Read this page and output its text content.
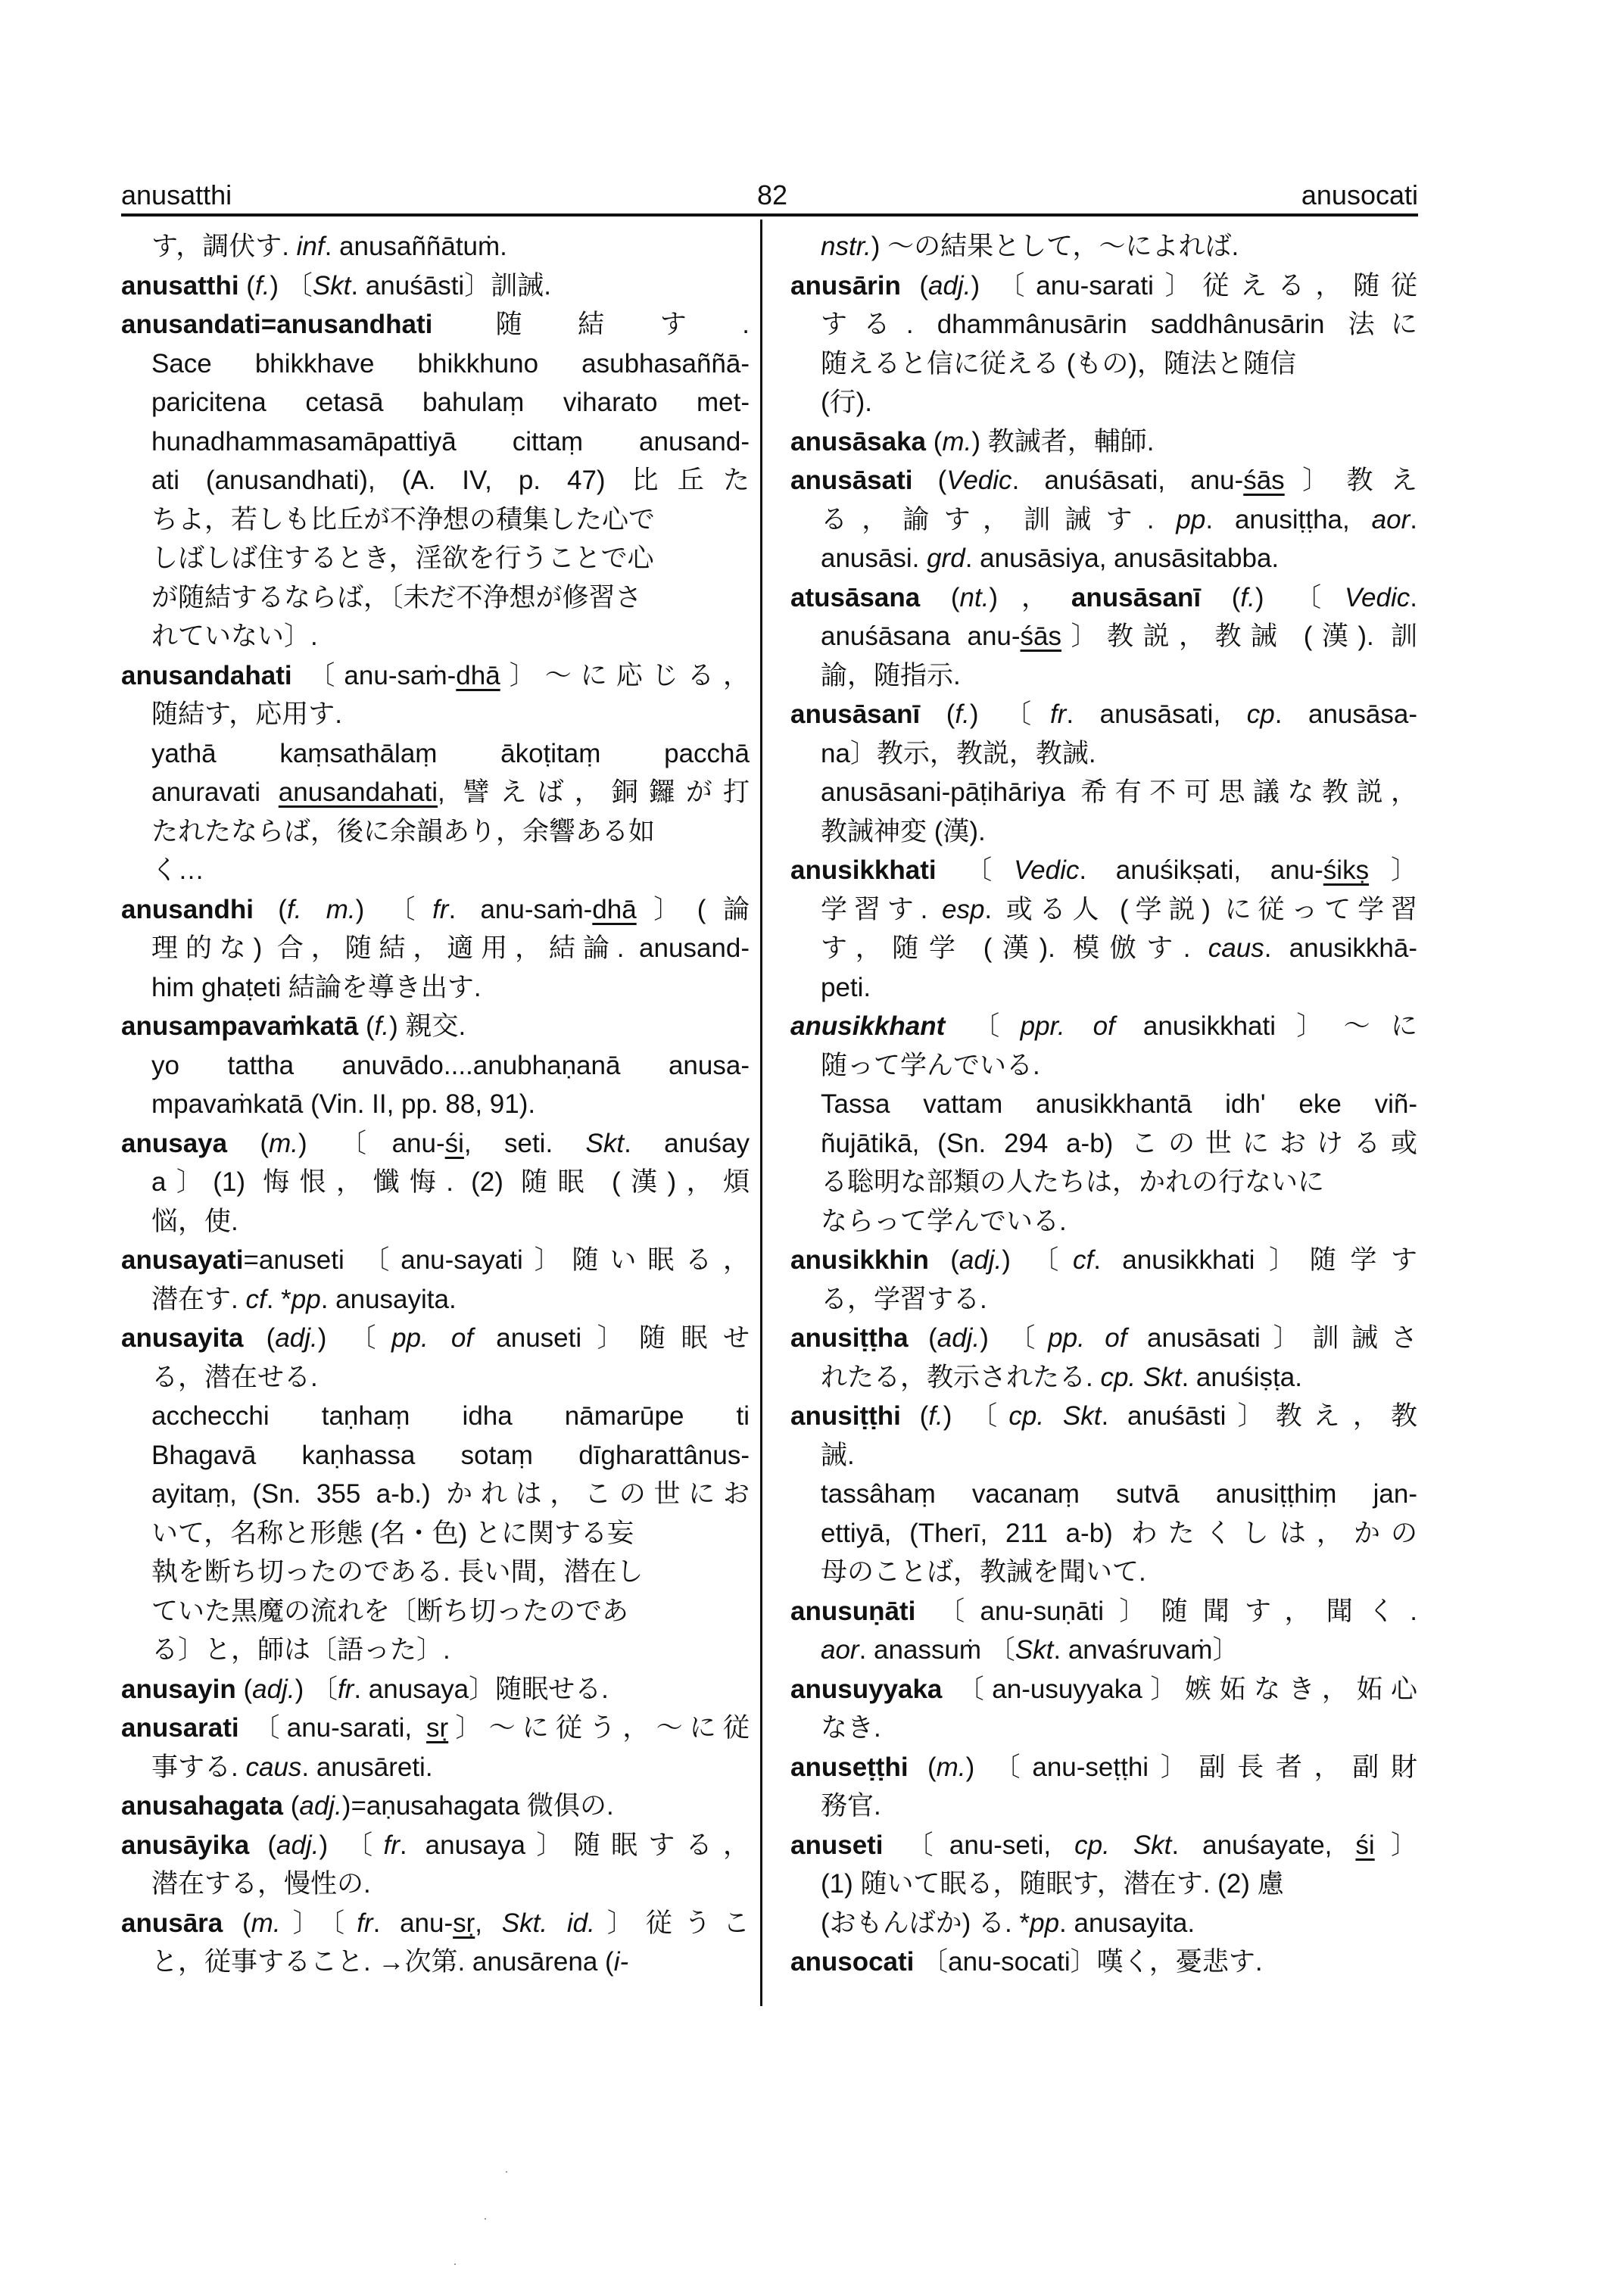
anusatthi	82	anusocati
す，調伏す. inf. anusaññātuṁ.
anusatthi (f.) 〔Skt. anuśāsti〕訓誡.
anusandati=anusandhati 随結す.
Sace bhikkhave bhikkhuno asubhasaññā-
paricitena cetasā bahulaṃ viharato met-
hunadhammasamāpattiyā cittaṃ anusand-
ati (anusandhati), (A. IV, p. 47) 比丘た
ちよ，若しも比丘が不浄想の積集した心で
しばしば住するとき，淫欲を行うことで心
が随結するならば，〔未だ不浄想が修習さ
れていない〕.
anusandahati 〔anu-saṁ-dhā〕～に応じる，
随結す，応用す.
yathā kaṃsathālaṃ ākoṭitaṃ pacchā
anuravati anusandahati, 譬えば，銅鑼が打
たれたならば，後に余韻あり，余響ある如
く…
anusandhi (f. m.) 〔fr. anu-saṁ-dhā〕(論
理的な) 合，随結，適用，結論. anusand-
him ghaṭeti 結論を導き出す.
anusampavaṁkatā (f.) 親交.
yo tattha anuvādo....anubhaṇanā anusa-
mpavaṁkatā (Vin. II, pp. 88, 91).
anusaya (m.) 〔anu-śi, seti. Skt. anuśay
a〕(1) 悔恨，懺悔. (2) 随眠 (漢)，煩
悩，使.
anusayati=anuseti 〔anu-sayati〕随い眠る，
潜在す. cf. *pp. anusayita.
anusayita (adj.) 〔pp. of anuseti〕随眠せ
る，潜在せる.
acchecchi taṇhaṃ idha nāmarūpe ti
Bhagavā kaṇhassa sotaṃ dīgharattânus-
ayitaṃ, (Sn. 355 a-b.) かれは，この世にお
いて，名称と形態 (名・色) とに関する妄
執を断ち切ったのである. 長い間，潜在し
ていた黒魔の流れを〔断ち切ったのであ
る〕と，師は〔語った〕.
anusayin (adj.) 〔fr. anusaya〕随眠せる.
anusarati 〔anu-sarati, sṛ〕～に従う，～に従
事する. caus. anusāreti.
anusahagata (adj.)=aṇusahagata 微俱の.
anusāyika (adj.) 〔fr. anusaya〕随眠する，
潜在する，慢性の.
anusāra (m.〕〔fr. anu-sṛ, Skt. id.〕従うこ
と，従事すること. →次第. anusārena (i-
nstr.) ～の結果として，～によれば.
anusārin (adj.) 〔anu-sarati〕従える，随従
する. dhammânusārin saddhânusārin 法に
随えると信に従える (もの)，随法と随信
(行).
anusāsaka (m.) 教誡者，輔師.
anusāsati (Vedic. anuśāsati, anu-śās〕教え
る，諭す，訓誡す. pp. anusiṭṭha, aor.
anusāsi. grd. anusāsiya, anusāsitabba.
atusāsana (nt.)，anusāsanī (f.) 〔Vedic.
anuśāsana anu-śās〕教説，教誡 (漢). 訓
諭，随指示.
anusāsanī (f.) 〔fr. anusāsati, cp. anusāsa-
na〕教示，教説，教誡.
anusāsani-pāṭihāriya 希有不可思議な教説，
教誡神変 (漢).
anusikkhati 〔Vedic. anuśikṣati, anu-śikṣ〕
学習す. esp. 或る人 (学説) に従って学習
す，随学 (漢). 模倣す. caus. anusikkhā-
peti.
anusikkhant 〔ppr. of anusikkhati〕～に
随って学んでいる.
Tassa vattam anusikkhantā idh' eke viñ-
ñujātikā, (Sn. 294 a-b) この世における或
る聡明な部類の人たちは，かれの行ないに
ならって学んでいる.
anusikkhin (adj.) 〔cf. anusikkhati〕随学す
る，学習する.
anusiṭṭha (adj.) 〔pp. of anusāsati〕訓誡さ
れたる，教示されたる. cp. Skt. anuśiṣṭa.
anusiṭṭhi (f.) 〔cp. Skt. anuśāsti〕教え，教
誡.
tassâhaṃ vacanaṃ sutvā anusiṭṭhiṃ jan-
ettiyā, (Therī, 211 a-b) わたくしは，かの
母のことば，教誡を聞いて.
anusuṇāti 〔anu-suṇāti〕随聞す，聞く.
aor. anassuṁ 〔Skt. anvaśruvaṁ〕
anusuyyaka 〔an-usuyyaka〕嫉妬なき，妬心
なき.
anuseṭṭhi (m.) 〔anu-seṭṭhi〕副長者，副財
務官.
anuseti 〔anu-seti, cp. Skt. anuśayate, śi〕
(1) 随いて眠る，随眠す，潜在す. (2) 慮
(おもんばか) る. *pp. anusayita.
anusocati 〔anu-socati〕嘆く，憂悲す.
